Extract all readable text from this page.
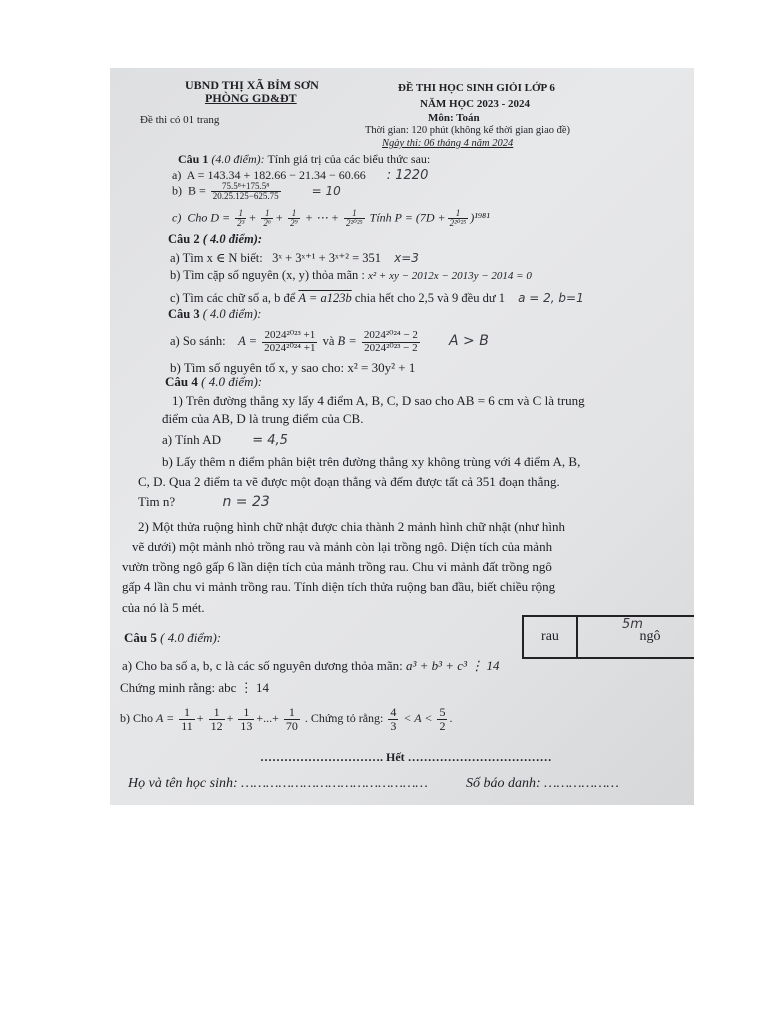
UBND THỊ XÃ BỈM SƠN
PHÒNG GD&ĐT
Đề thi có 01 trang
ĐỀ THI HỌC SINH GIỎI LỚP 6
NĂM HỌC 2023 - 2024
Môn: Toán
Thời gian: 120 phút (không kể thời gian giao đề)
Ngày thi: 06 tháng 4 năm 2024
Câu 1 (4.0 điểm): Tính giá trị của các biểu thức sau:
a) A = 143.34 + 182.66 − 21.34 − 60.66 : 1220
b) $B = \frac{\text{75.5⁸+175.5⁸}}{20.25.125-625.75}$	= 10
c) Cho $D = \frac{1}{\text{2³}} + \frac{1}{\text{2⁶}} + \frac{1}{\text{2⁹}}$ + ⋯ + $\frac{1}{\text{2²⁰²⁵}}$ Tính $P = (7D + \frac{1}{\text{2²⁰²⁵}} )^{1981}$
Câu 2 ( 4.0 điểm):
a) Tìm x ∈ N biết: 3ˣ + 3ˣ⁺¹ + 3ˣ⁺² = 351 x=3
b) Tìm cặp số nguyên (x, y) thỏa mãn : x² + xy − 2012x − 2013y − 2014 = 0
c) Tìm các chữ số a, b để A = a123b chia hết cho 2,5 và 9 đều dư 1 a = 2, b=1
Câu 3 ( 4.0 điểm):
a) So sánh: $A = \frac{\text{2024²⁰²³ +1}}{\text{2024²⁰²⁴ +1}}$ và $B = \frac{\text{2024²⁰²⁴ − 2}}{\text{2024²⁰²³ − 2}}$ A > B
b) Tìm số nguyên tố x, y sao cho: x² = 30y² + 1
Câu 4 ( 4.0 điểm):
1) Trên đường thẳng xy lấy 4 điểm A, B, C, D sao cho AB = 6 cm và C là trung
điểm của AB, D là trung điểm của CB.
a) Tính AD = 4,5
b) Lấy thêm n điểm phân biệt trên đường thẳng xy không trùng với 4 điểm A, B,
C, D. Qua 2 điểm ta vẽ được một đoạn thẳng và đếm được tất cả 351 đoạn thẳng.
Tìm n?	n = 23
2) Một thửa ruộng hình chữ nhật được chia thành 2 mảnh hình chữ nhật (như hình
vẽ dưới) một mảnh nhỏ trồng rau và mảnh còn lại trồng ngô. Diện tích của mảnh
vườn trồng ngô gấp 6 lần diện tích của mảnh trồng rau. Chu vi mảnh đất trồng ngô
gấp 4 lần chu vi mảnh trồng rau. Tính diện tích thửa ruộng ban đầu, biết chiều rộng
của nó là 5 mét.
rau	ngô
5m
Câu 5 ( 4.0 điểm):
a) Cho ba số a, b, c là các số nguyên dương thỏa mãn: a³ + b³ + c³ ⋮ 14
Chứng minh rằng: abc ⋮ 14
b) Cho $A = \frac{1}{11} + \frac{1}{12} + \frac{1}{13}$ +...+ $\frac{1}{70}$ . Chứng tỏ rằng: $\frac{4}{3} < A < \frac{5}{2}$ .
…………………………. Hết ………………………………
Họ và tên học sinh: ………………………………………	Số báo danh: ………………
